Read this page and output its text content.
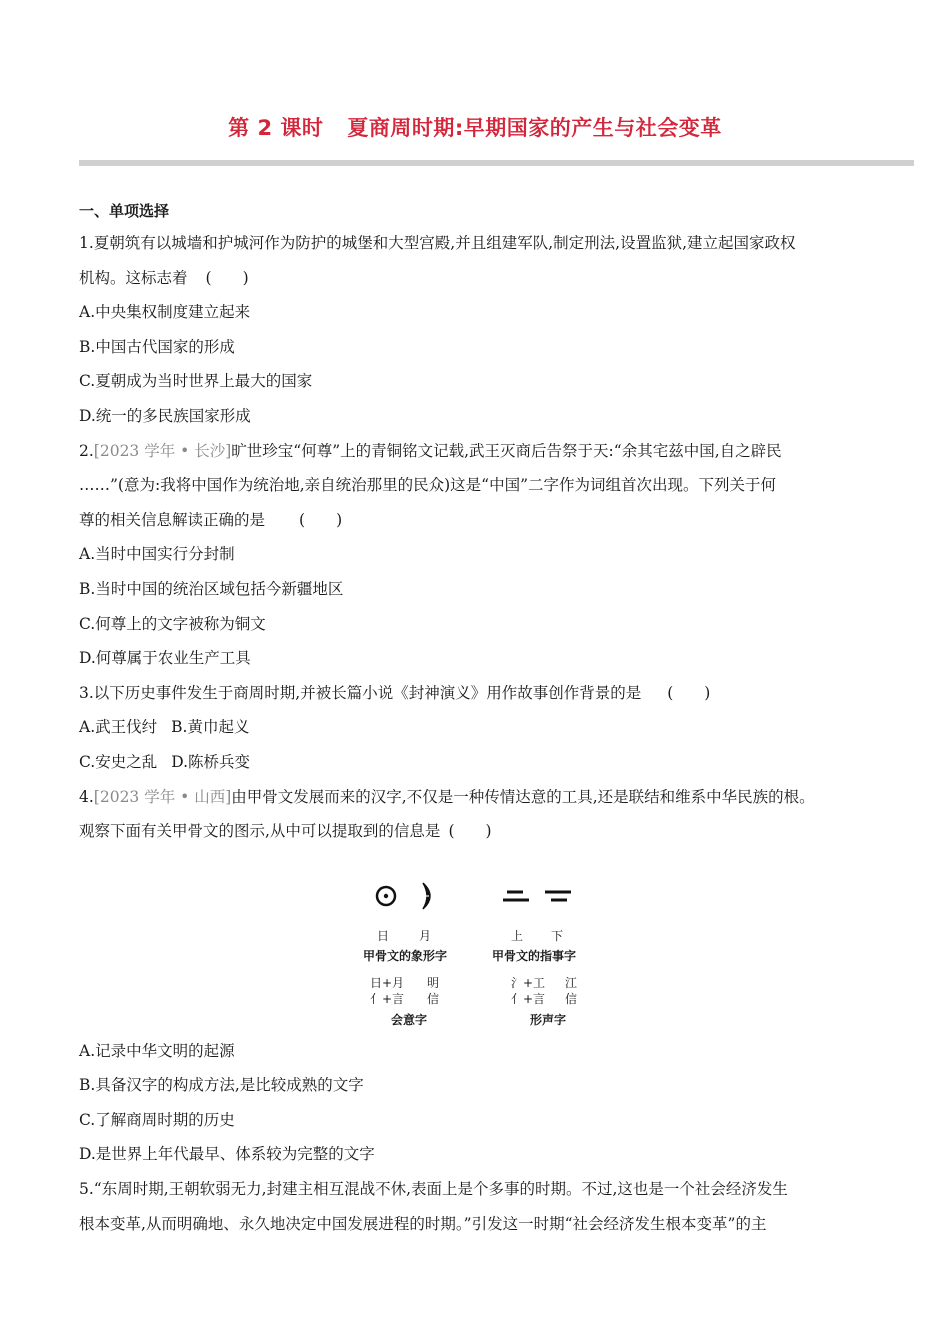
第 2 课时 夏商周时期:早期国家的产生与社会变革
一、单项选择
1.夏朝筑有以城墙和护城河作为防护的城堡和大型宫殿,并且组建军队,制定刑法,设置监狱,建立起国家政权
机构。这标志着 (　　)
A.中央集权制度建立起来
B.中国古代国家的形成
C.夏朝成为当时世界上最大的国家
D.统一的多民族国家形成
2.[2023 学年 • 长沙]旷世珍宝“何尊”上的青铜铭文记载,武王灭商后告祭于天:“余其宅兹中国,自之辟民
……”(意为:我将中国作为统治地,亲自统治那里的民众)这是“中国”二字作为词组首次出现。下列关于何
尊的相关信息解读正确的是 (　　)
A.当时中国实行分封制
B.当时中国的统治区域包括今新疆地区
C.何尊上的文字被称为铜文
D.何尊属于农业生产工具
3.以下历史事件发生于商周时期,并被长篇小说《封神演义》用作故事创作背景的是 (　　)
A.武王伐纣 B.黄巾起义
C.安史之乱 D.陈桥兵变
4.[2023 学年 • 山西]由甲骨文发展而来的汉字,不仅是一种传情达意的工具,还是联结和维系中华民族的根。
观察下面有关甲骨文的图示,从中可以提取到的信息是 (　　)
日 月
甲骨文的象形字
上 下
甲骨文的指事字
日+月 明
亻+言 信
会意字
氵+工 江
亻+言 信
形声字
A.记录中华文明的起源
B.具备汉字的构成方法,是比较成熟的文字
C.了解商周时期的历史
D.是世界上年代最早、体系较为完整的文字
5.“东周时期,王朝软弱无力,封建主相互混战不休,表面上是个多事的时期。不过,这也是一个社会经济发生
根本变革,从而明确地、永久地决定中国发展进程的时期。”引发这一时期“社会经济发生根本变革”的主
